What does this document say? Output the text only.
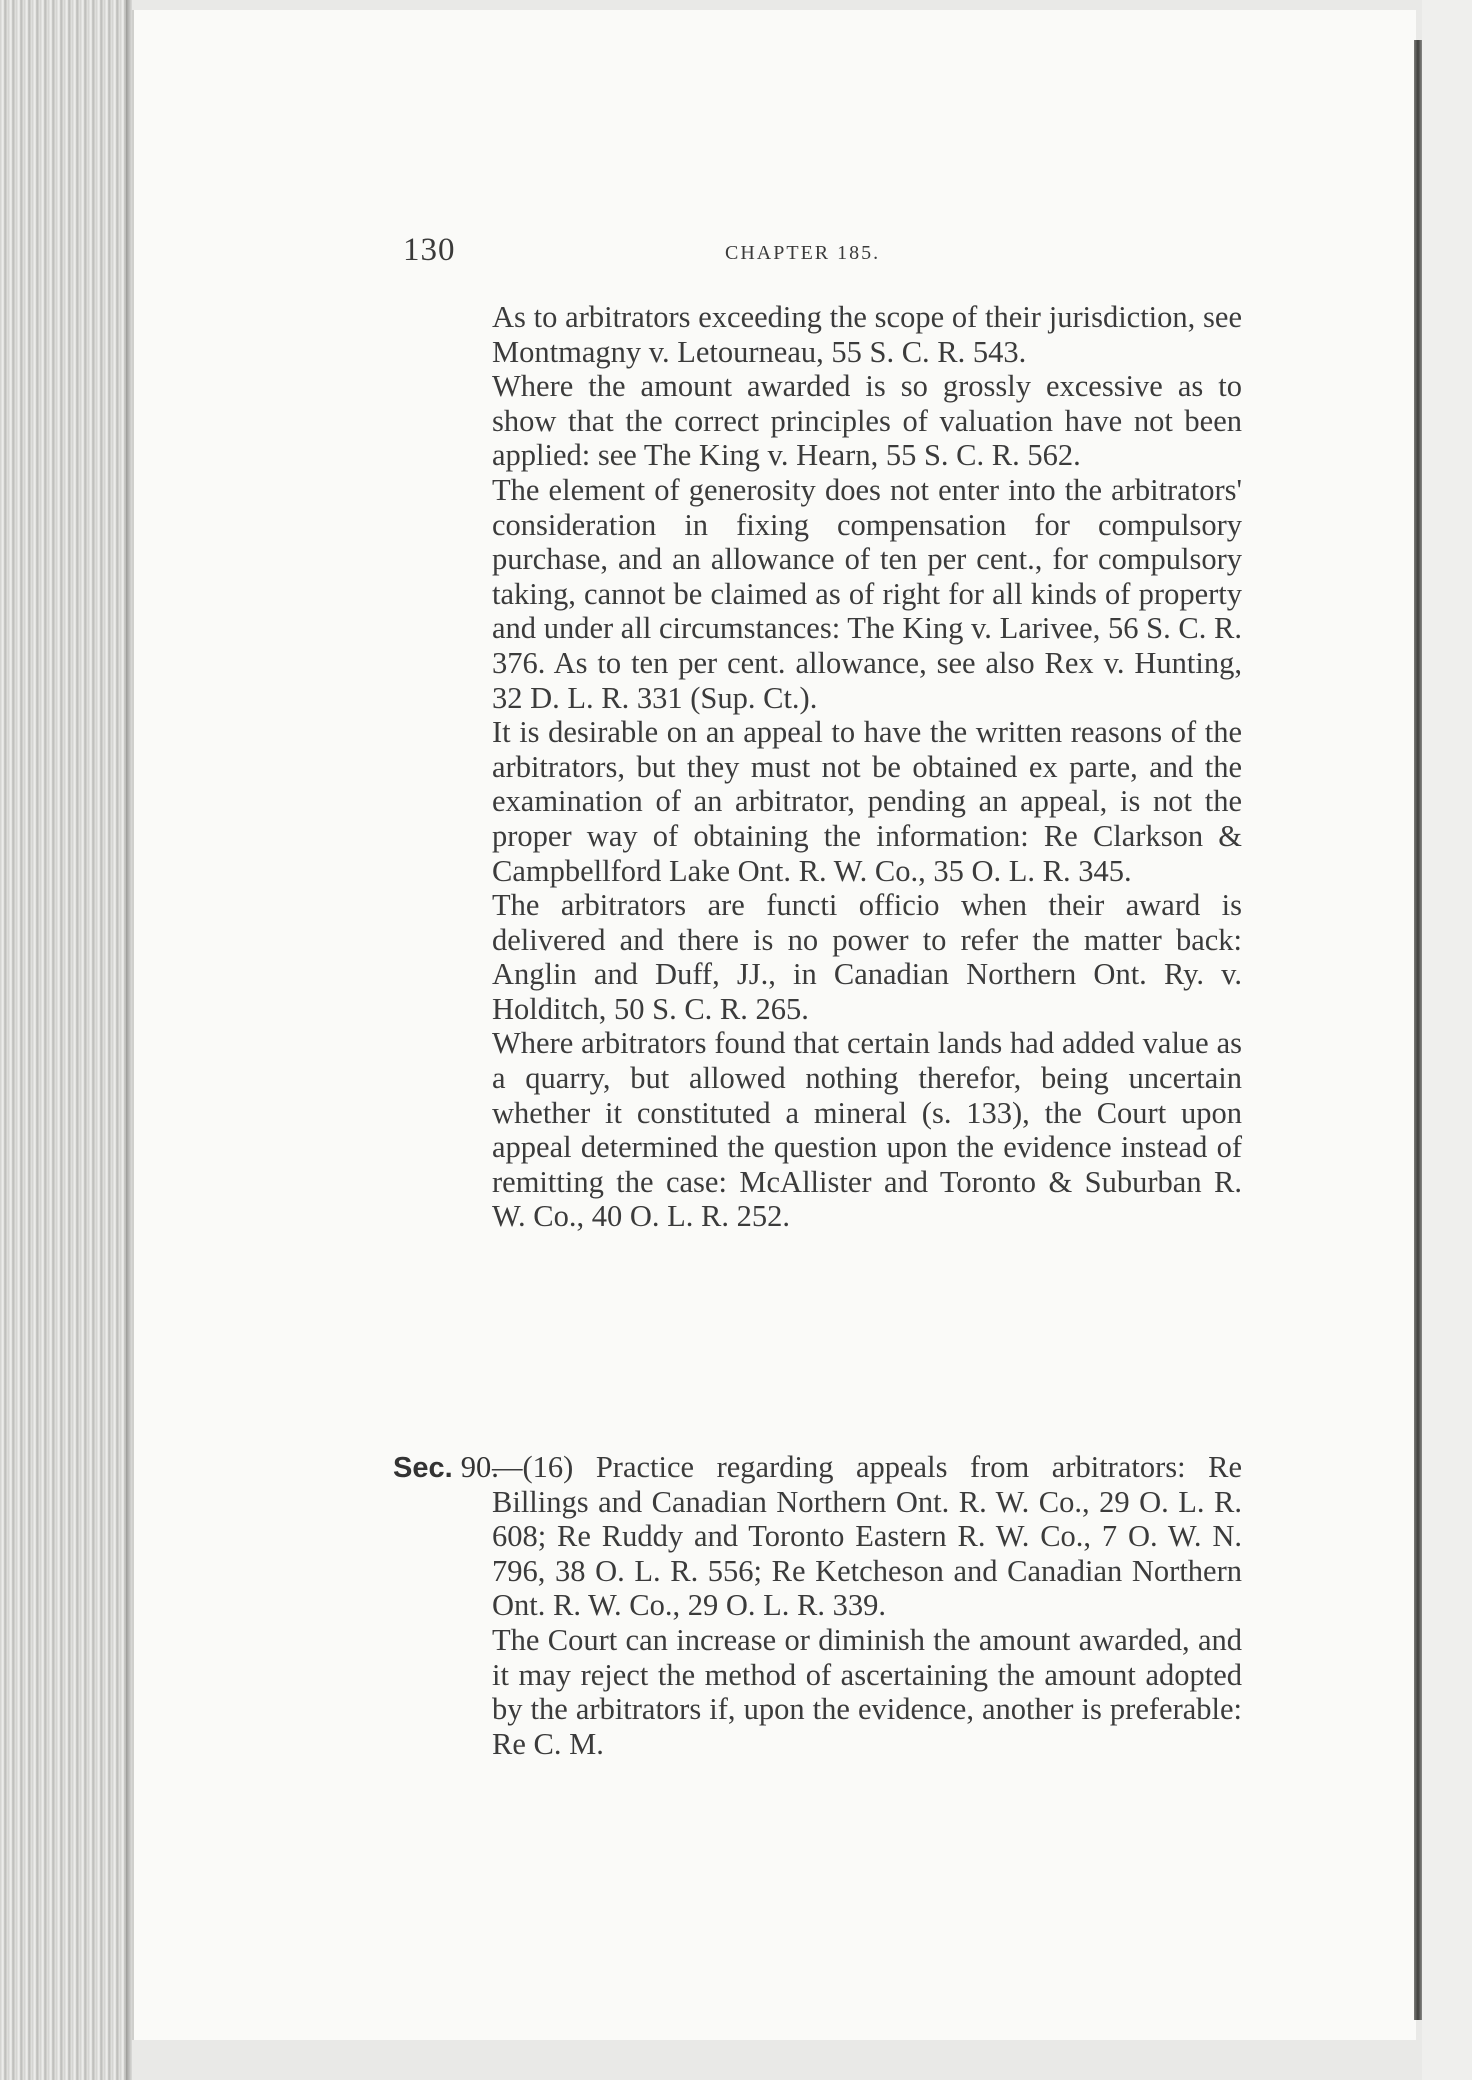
130	CHAPTER 185.

As to arbitrators exceeding the scope of their jurisdiction, see Montmagny v. Letourneau, 55 S. C. R. 543.

Where the amount awarded is so grossly excessive as to show that the correct principles of valuation have not been applied: see The King v. Hearn, 55 S. C. R. 562.

The element of generosity does not enter into the arbitrators' consideration in fixing compensation for compulsory purchase, and an allowance of ten per cent., for compulsory taking, cannot be claimed as of right for all kinds of property and under all circumstances: The King v. Larivee, 56 S. C. R. 376. As to ten per cent. allowance, see also Rex v. Hunting, 32 D. L. R. 331 (Sup. Ct.).

It is desirable on an appeal to have the written reasons of the arbitrators, but they must not be obtained ex parte, and the examination of an arbitrator, pending an appeal, is not the proper way of obtaining the information: Re Clarkson & Campbellford Lake Ont. R. W. Co., 35 O. L. R. 345.

The arbitrators are functi officio when their award is delivered and there is no power to refer the matter back: Anglin and Duff, JJ., in Canadian Northern Ont. Ry. v. Holditch, 50 S. C. R. 265.

Where arbitrators found that certain lands had added value as a quarry, but allowed nothing therefor, being uncertain whether it constituted a mineral (s. 133), the Court upon appeal determined the question upon the evidence instead of remitting the case: McAllister and Toronto & Suburban R. W. Co., 40 O. L. R. 252.

Sec. 90.

—(16) Practice regarding appeals from arbitrators: Re Billings and Canadian Northern Ont. R. W. Co., 29 O. L. R. 608; Re Ruddy and Toronto Eastern R. W. Co., 7 O. W. N. 796, 38 O. L. R. 556; Re Ketcheson and Canadian Northern Ont. R. W. Co., 29 O. L. R. 339.

The Court can increase or diminish the amount awarded, and it may reject the method of ascertaining the amount adopted by the arbitrators if, upon the evidence, another is preferable: Re C. M.
